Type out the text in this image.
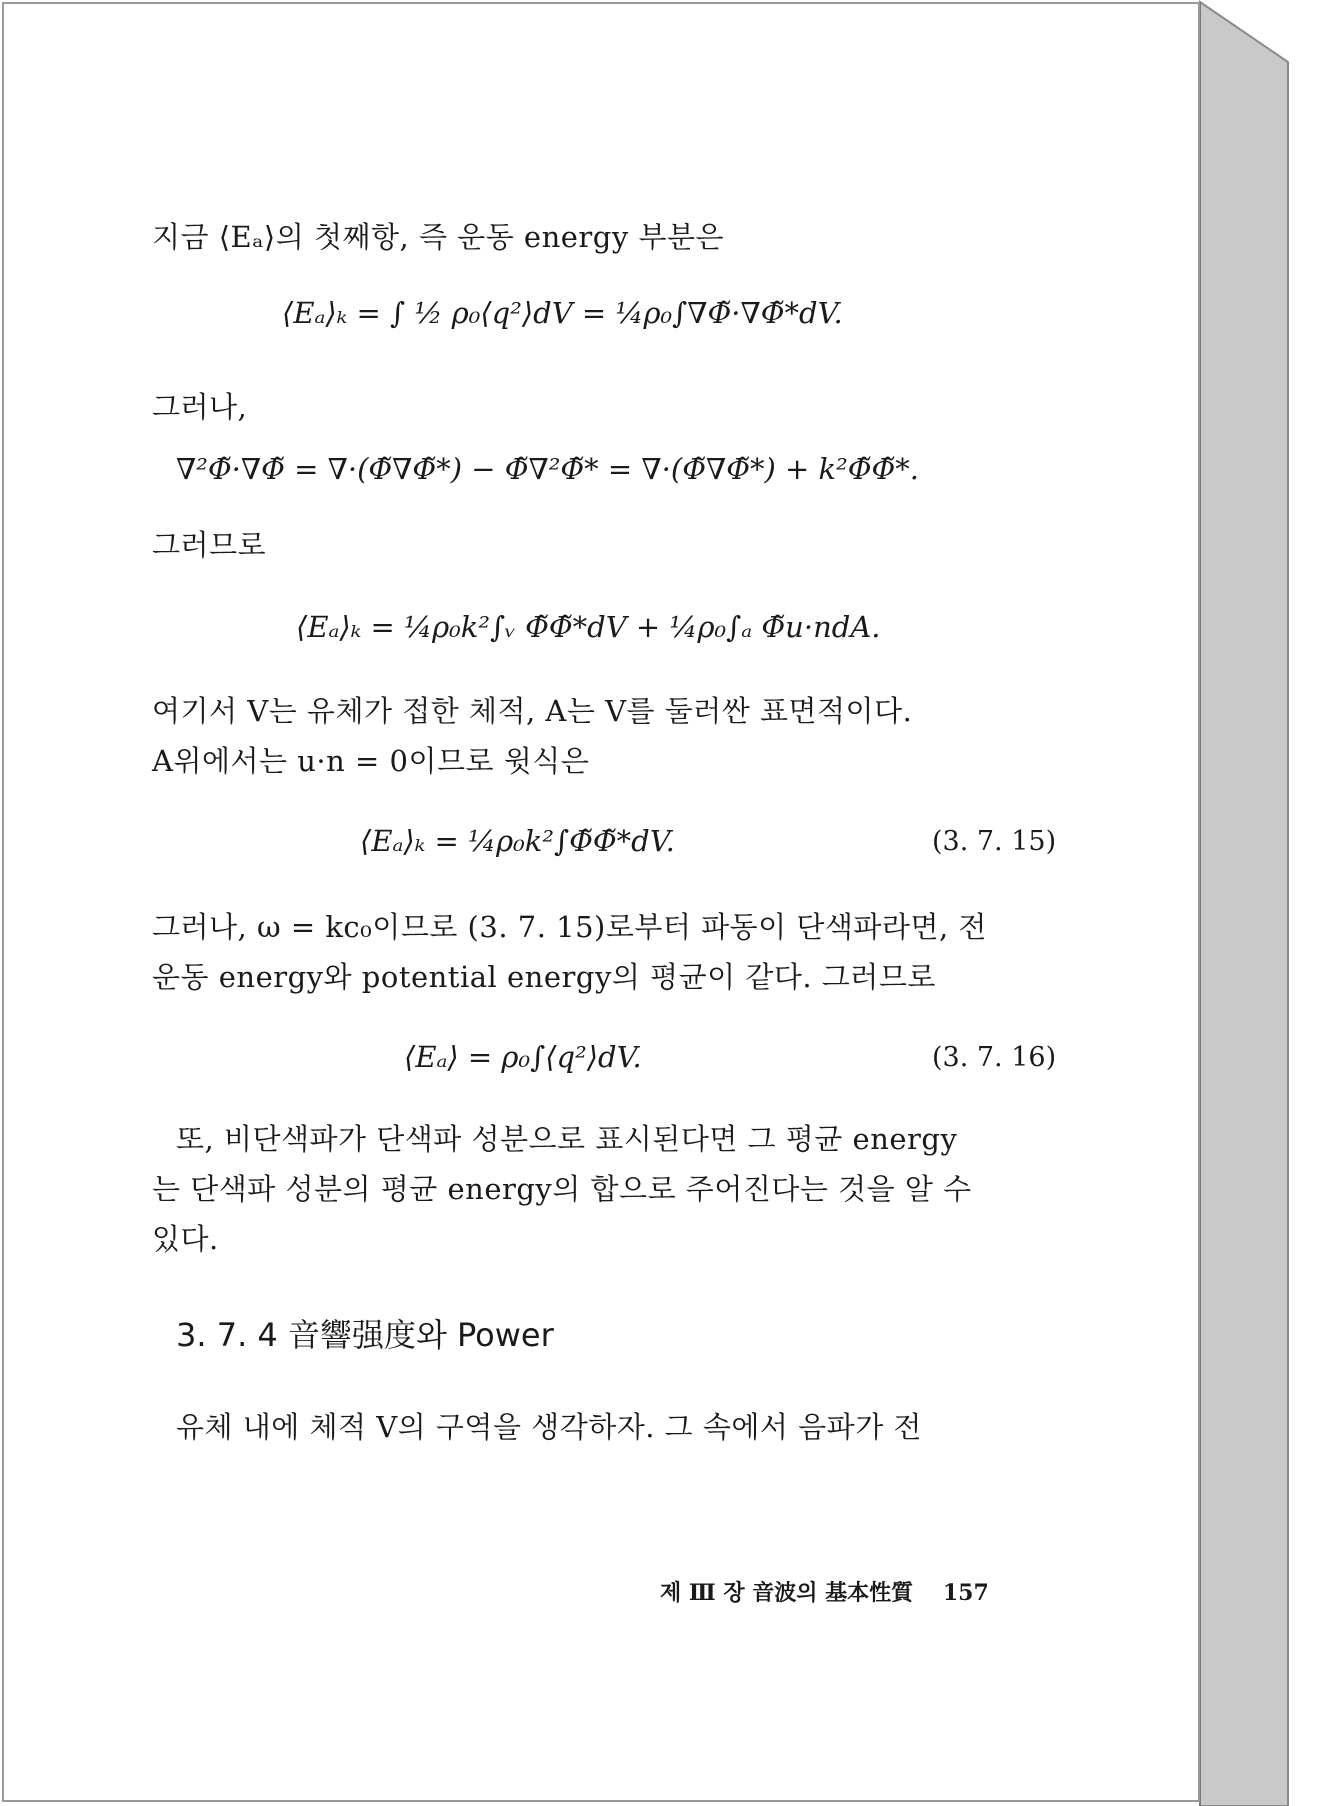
지금 ⟨Eₐ⟩의 첫째항, 즉 운동 energy 부분은
⟨Eₐ⟩ₖ = ∫ ½ ρ₀⟨q²⟩dV = ¼ρ₀∫∇Φ̃·∇Φ̃*dV.
그러나,
∇²Φ̃·∇Φ̃ = ∇·(Φ̃∇Φ̃*) − Φ̃∇²Φ̃* = ∇·(Φ̃∇Φ̃*) + k²Φ̃Φ̃*.
그러므로
⟨Eₐ⟩ₖ = ¼ρ₀k²∫ᵥ Φ̃Φ̃*dV + ¼ρ₀∫ₐ Φ̃u·ndA.
여기서 V는 유체가 접한 체적, A는 V를 둘러싼 표면적이다.
A위에서는 u·n = 0이므로 윗식은
⟨Eₐ⟩ₖ = ¼ρ₀k²∫Φ̃Φ̃*dV.	(3. 7. 15)
그러나, ω = kc₀이므로 (3. 7. 15)로부터 파동이 단색파라면, 전
운동 energy와 potential energy의 평균이 같다. 그러므로
⟨Eₐ⟩ = ρ₀∫⟨q²⟩dV.	(3. 7. 16)
또, 비단색파가 단색파 성분으로 표시된다면 그 평균 energy
는 단색파 성분의 평균 energy의 합으로 주어진다는 것을 알 수
있다.
3. 7. 4 音響强度와 Power
유체 내에 체적 V의 구역을 생각하자. 그 속에서 음파가 전
제 Ⅲ 장 音波의 基本性質 157
